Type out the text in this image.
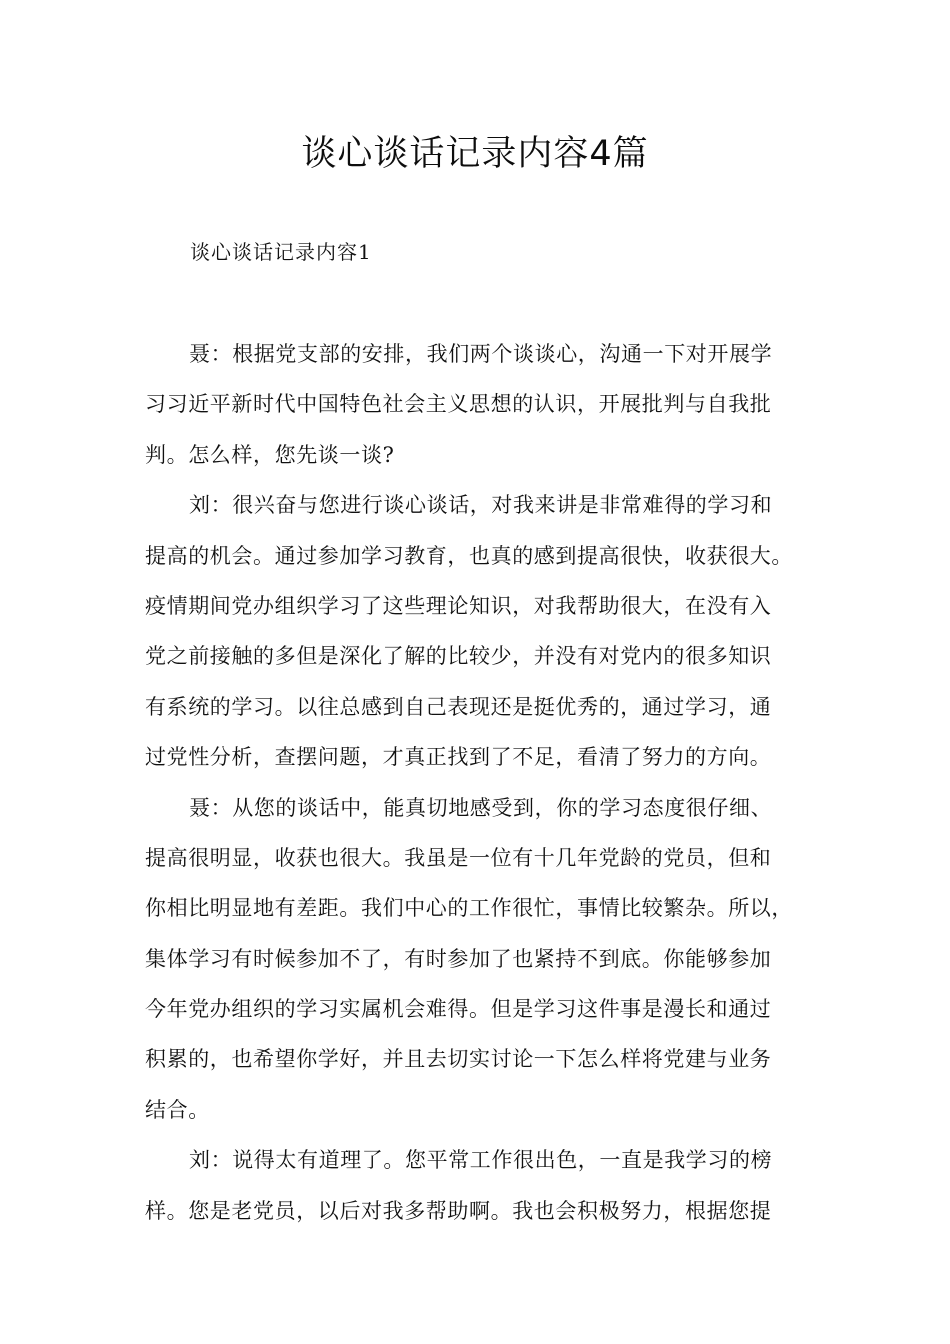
谈心谈话记录内容4篇
谈心谈话记录内容1
聂：根据党支部的安排，我们两个谈谈心，沟通一下对开展学
习习近平新时代中国特色社会主义思想的认识，开展批判与自我批
判。怎么样，您先谈一谈?
刘：很兴奋与您进行谈心谈话，对我来讲是非常难得的学习和
提高的机会。通过参加学习教育，也真的感到提高很快，收获很大。
疫情期间党办组织学习了这些理论知识，对我帮助很大，在没有入
党之前接触的多但是深化了解的比较少，并没有对党内的很多知识
有系统的学习。以往总感到自己表现还是挺优秀的，通过学习，通
过党性分析，查摆问题，才真正找到了不足，看清了努力的方向。
聂：从您的谈话中，能真切地感受到，你的学习态度很仔细、
提高很明显，收获也很大。我虽是一位有十几年党龄的党员，但和
你相比明显地有差距。我们中心的工作很忙，事情比较繁杂。所以，
集体学习有时候参加不了，有时参加了也紧持不到底。你能够参加
今年党办组织的学习实属机会难得。但是学习这件事是漫长和通过
积累的，也希望你学好，并且去切实讨论一下怎么样将党建与业务
结合。
刘：说得太有道理了。您平常工作很出色，一直是我学习的榜
样。您是老党员，以后对我多帮助啊。我也会积极努力，根据您提
